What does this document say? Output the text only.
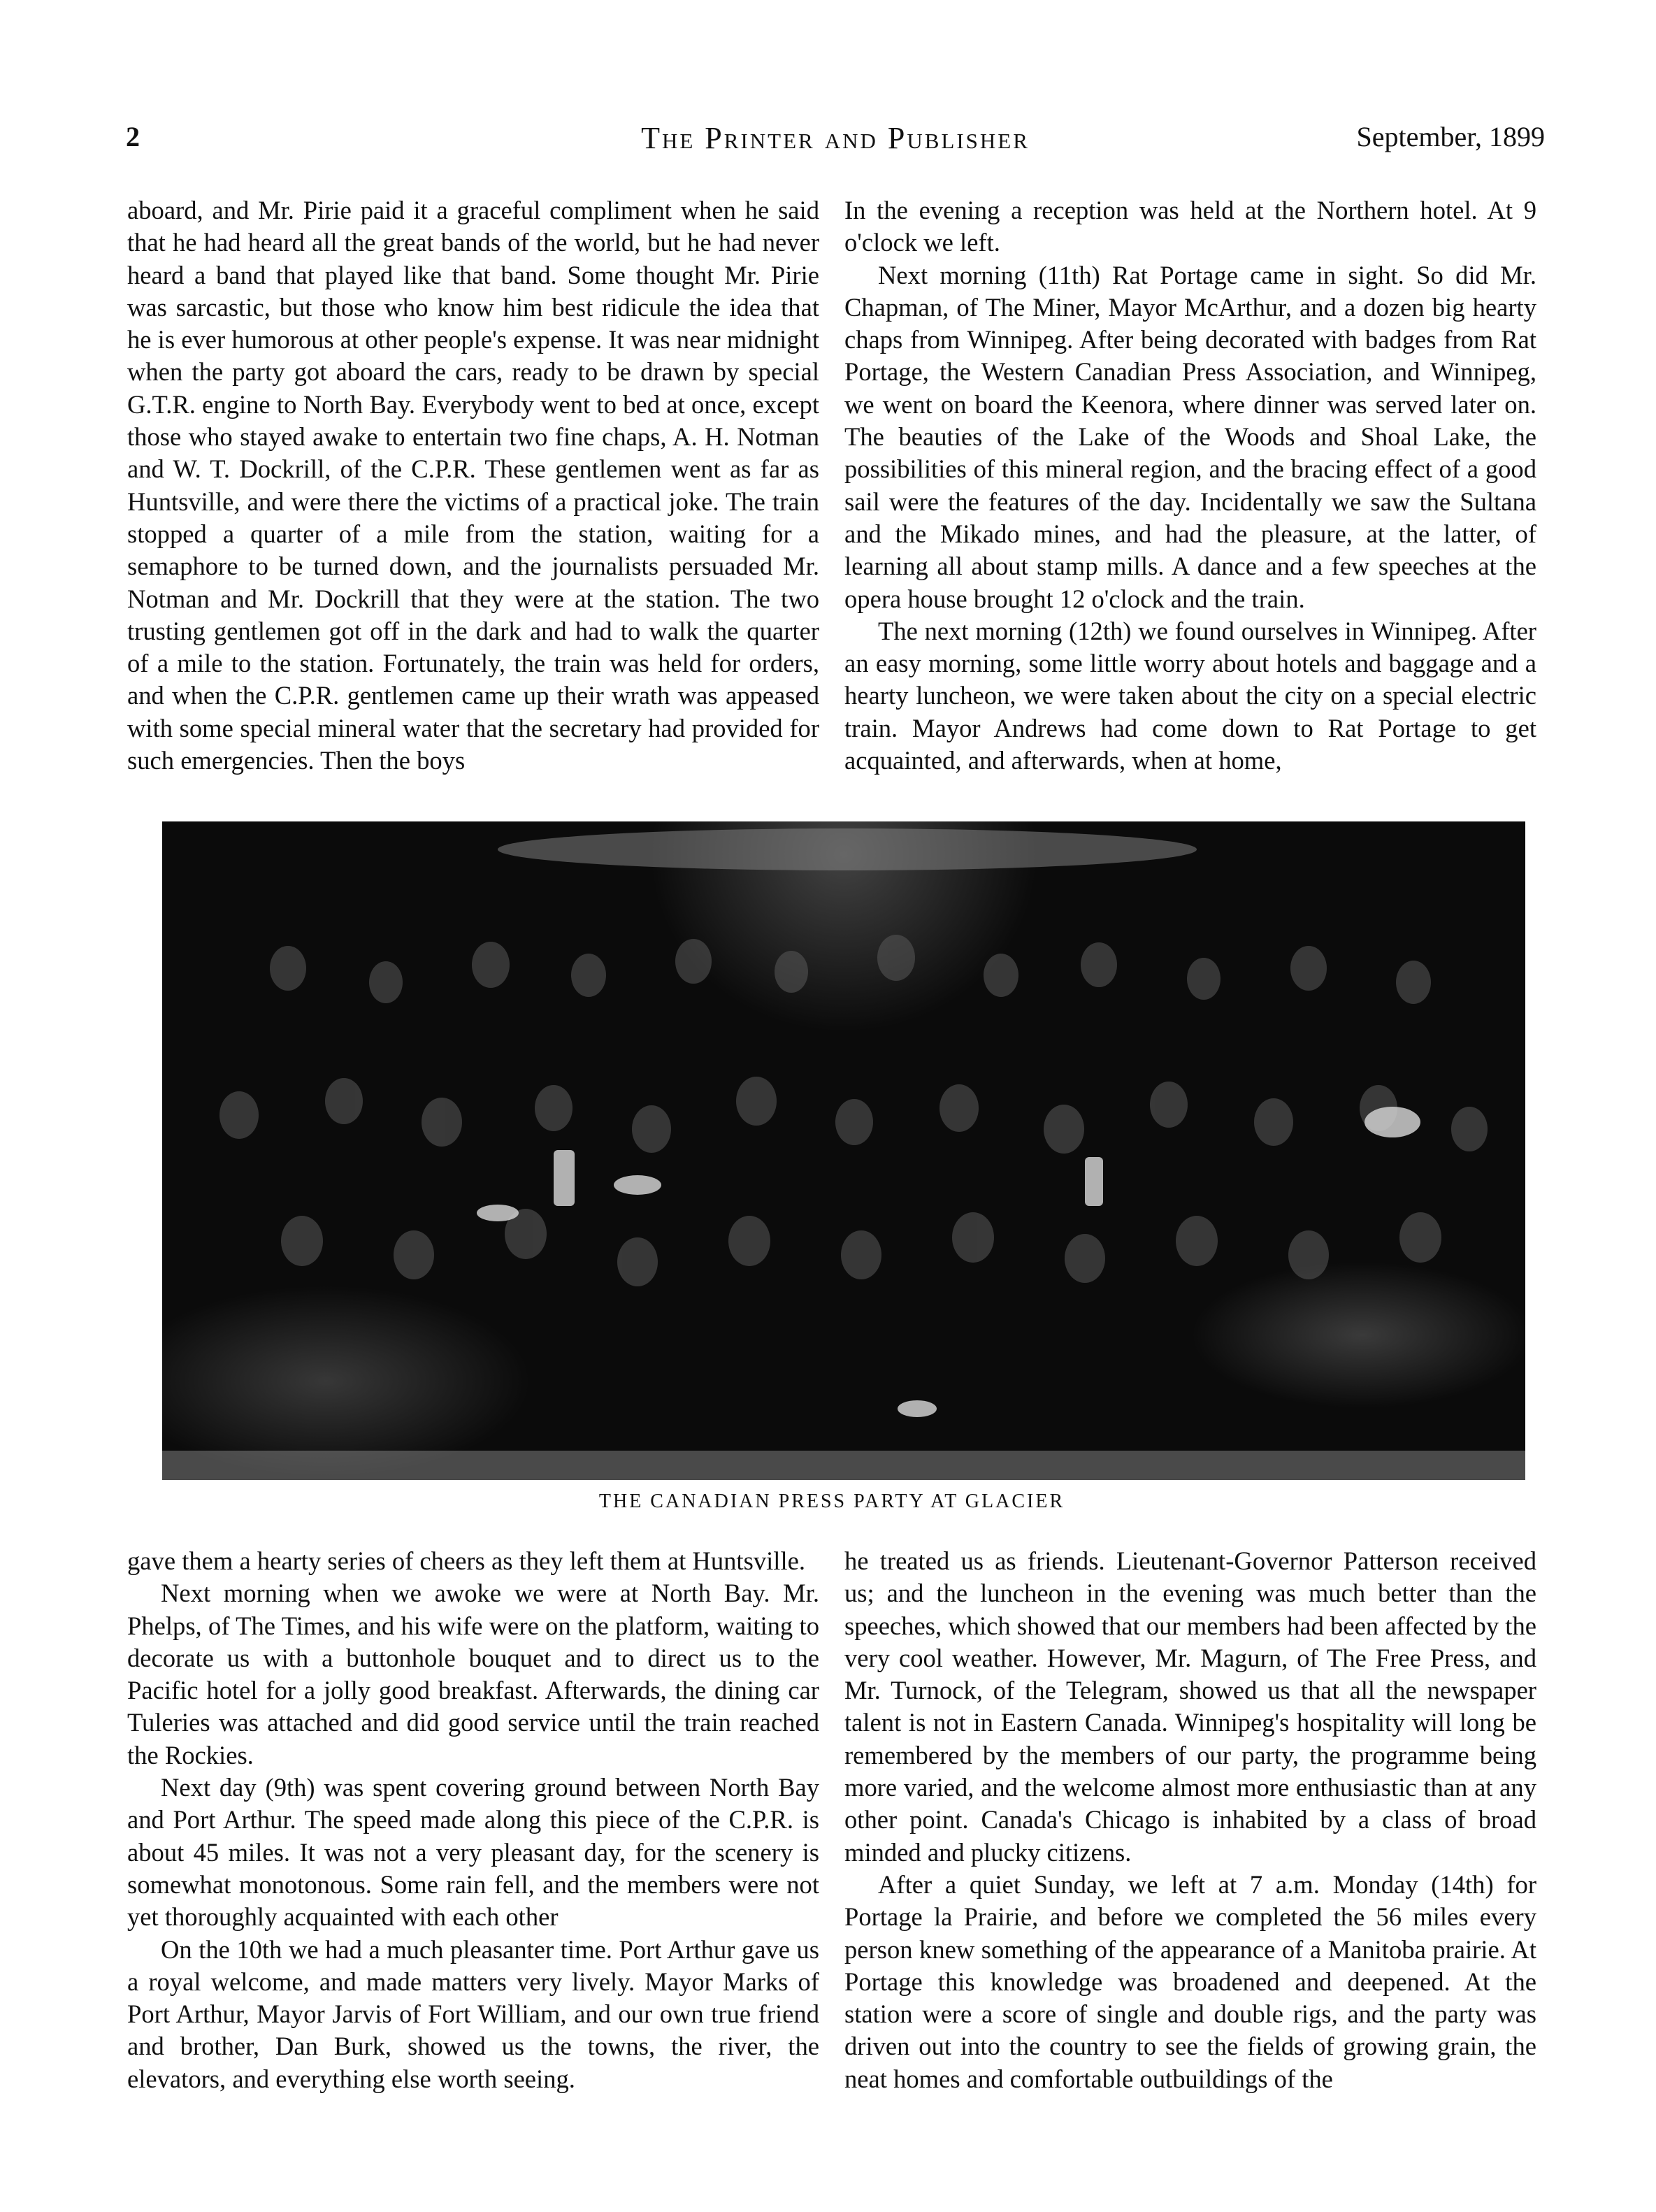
2	The Printer and Publisher	September, 1899

aboard, and Mr. Pirie paid it a graceful compliment when he said that he had heard all the great bands of the world, but he had never heard a band that played like that band. Some thought Mr. Pirie was sarcastic, but those who know him best ridicule the idea that he is ever humorous at other people's expense. It was near midnight when the party got aboard the cars, ready to be drawn by special G.T.R. engine to North Bay. Everybody went to bed at once, except those who stayed awake to entertain two fine chaps, A. H. Notman and W. T. Dockrill, of the C.P.R. These gentlemen went as far as Huntsville, and were there the victims of a practical joke. The train stopped a quarter of a mile from the station, waiting for a semaphore to be turned down, and the journalists persuaded Mr. Notman and Mr. Dockrill that they were at the station. The two trusting gentlemen got off in the dark and had to walk the quarter of a mile to the station. Fortunately, the train was held for orders, and when the C.P.R. gentlemen came up their wrath was appeased with some special mineral water that the secretary had provided for such emergencies. Then the boys

In the evening a reception was held at the Northern hotel. At 9 o'clock we left.

Next morning (11th) Rat Portage came in sight. So did Mr. Chapman, of The Miner, Mayor McArthur, and a dozen big hearty chaps from Winnipeg. After being decorated with badges from Rat Portage, the Western Canadian Press Association, and Winnipeg, we went on board the Keenora, where dinner was served later on. The beauties of the Lake of the Woods and Shoal Lake, the possibilities of this mineral region, and the bracing effect of a good sail were the features of the day. Incidentally we saw the Sultana and the Mikado mines, and had the pleasure, at the latter, of learning all about stamp mills. A dance and a few speeches at the opera house brought 12 o'clock and the train.

The next morning (12th) we found ourselves in Winnipeg. After an easy morning, some little worry about hotels and baggage and a hearty luncheon, we were taken about the city on a special electric train. Mayor Andrews had come down to Rat Portage to get acquainted, and afterwards, when at home,

THE CANADIAN PRESS PARTY AT GLACIER

gave them a hearty series of cheers as they left them at Huntsville.

Next morning when we awoke we were at North Bay. Mr. Phelps, of The Times, and his wife were on the platform, waiting to decorate us with a buttonhole bouquet and to direct us to the Pacific hotel for a jolly good breakfast. Afterwards, the dining car Tuleries was attached and did good service until the train reached the Rockies.

Next day (9th) was spent covering ground between North Bay and Port Arthur. The speed made along this piece of the C.P.R. is about 45 miles. It was not a very pleasant day, for the scenery is somewhat monotonous. Some rain fell, and the members were not yet thoroughly acquainted with each other

On the 10th we had a much pleasanter time. Port Arthur gave us a royal welcome, and made matters very lively. Mayor Marks of Port Arthur, Mayor Jarvis of Fort William, and our own true friend and brother, Dan Burk, showed us the towns, the river, the elevators, and everything else worth seeing.

he treated us as friends. Lieutenant-Governor Patterson received us; and the luncheon in the evening was much better than the speeches, which showed that our members had been affected by the very cool weather. However, Mr. Magurn, of The Free Press, and Mr. Turnock, of the Telegram, showed us that all the newspaper talent is not in Eastern Canada. Winnipeg's hospitality will long be remembered by the members of our party, the programme being more varied, and the welcome almost more enthusiastic than at any other point. Canada's Chicago is inhabited by a class of broad minded and plucky citizens.

After a quiet Sunday, we left at 7 a.m. Monday (14th) for Portage la Prairie, and before we completed the 56 miles every person knew something of the appearance of a Manitoba prairie. At Portage this knowledge was broadened and deepened. At the station were a score of single and double rigs, and the party was driven out into the country to see the fields of growing grain, the neat homes and comfortable outbuildings of the
